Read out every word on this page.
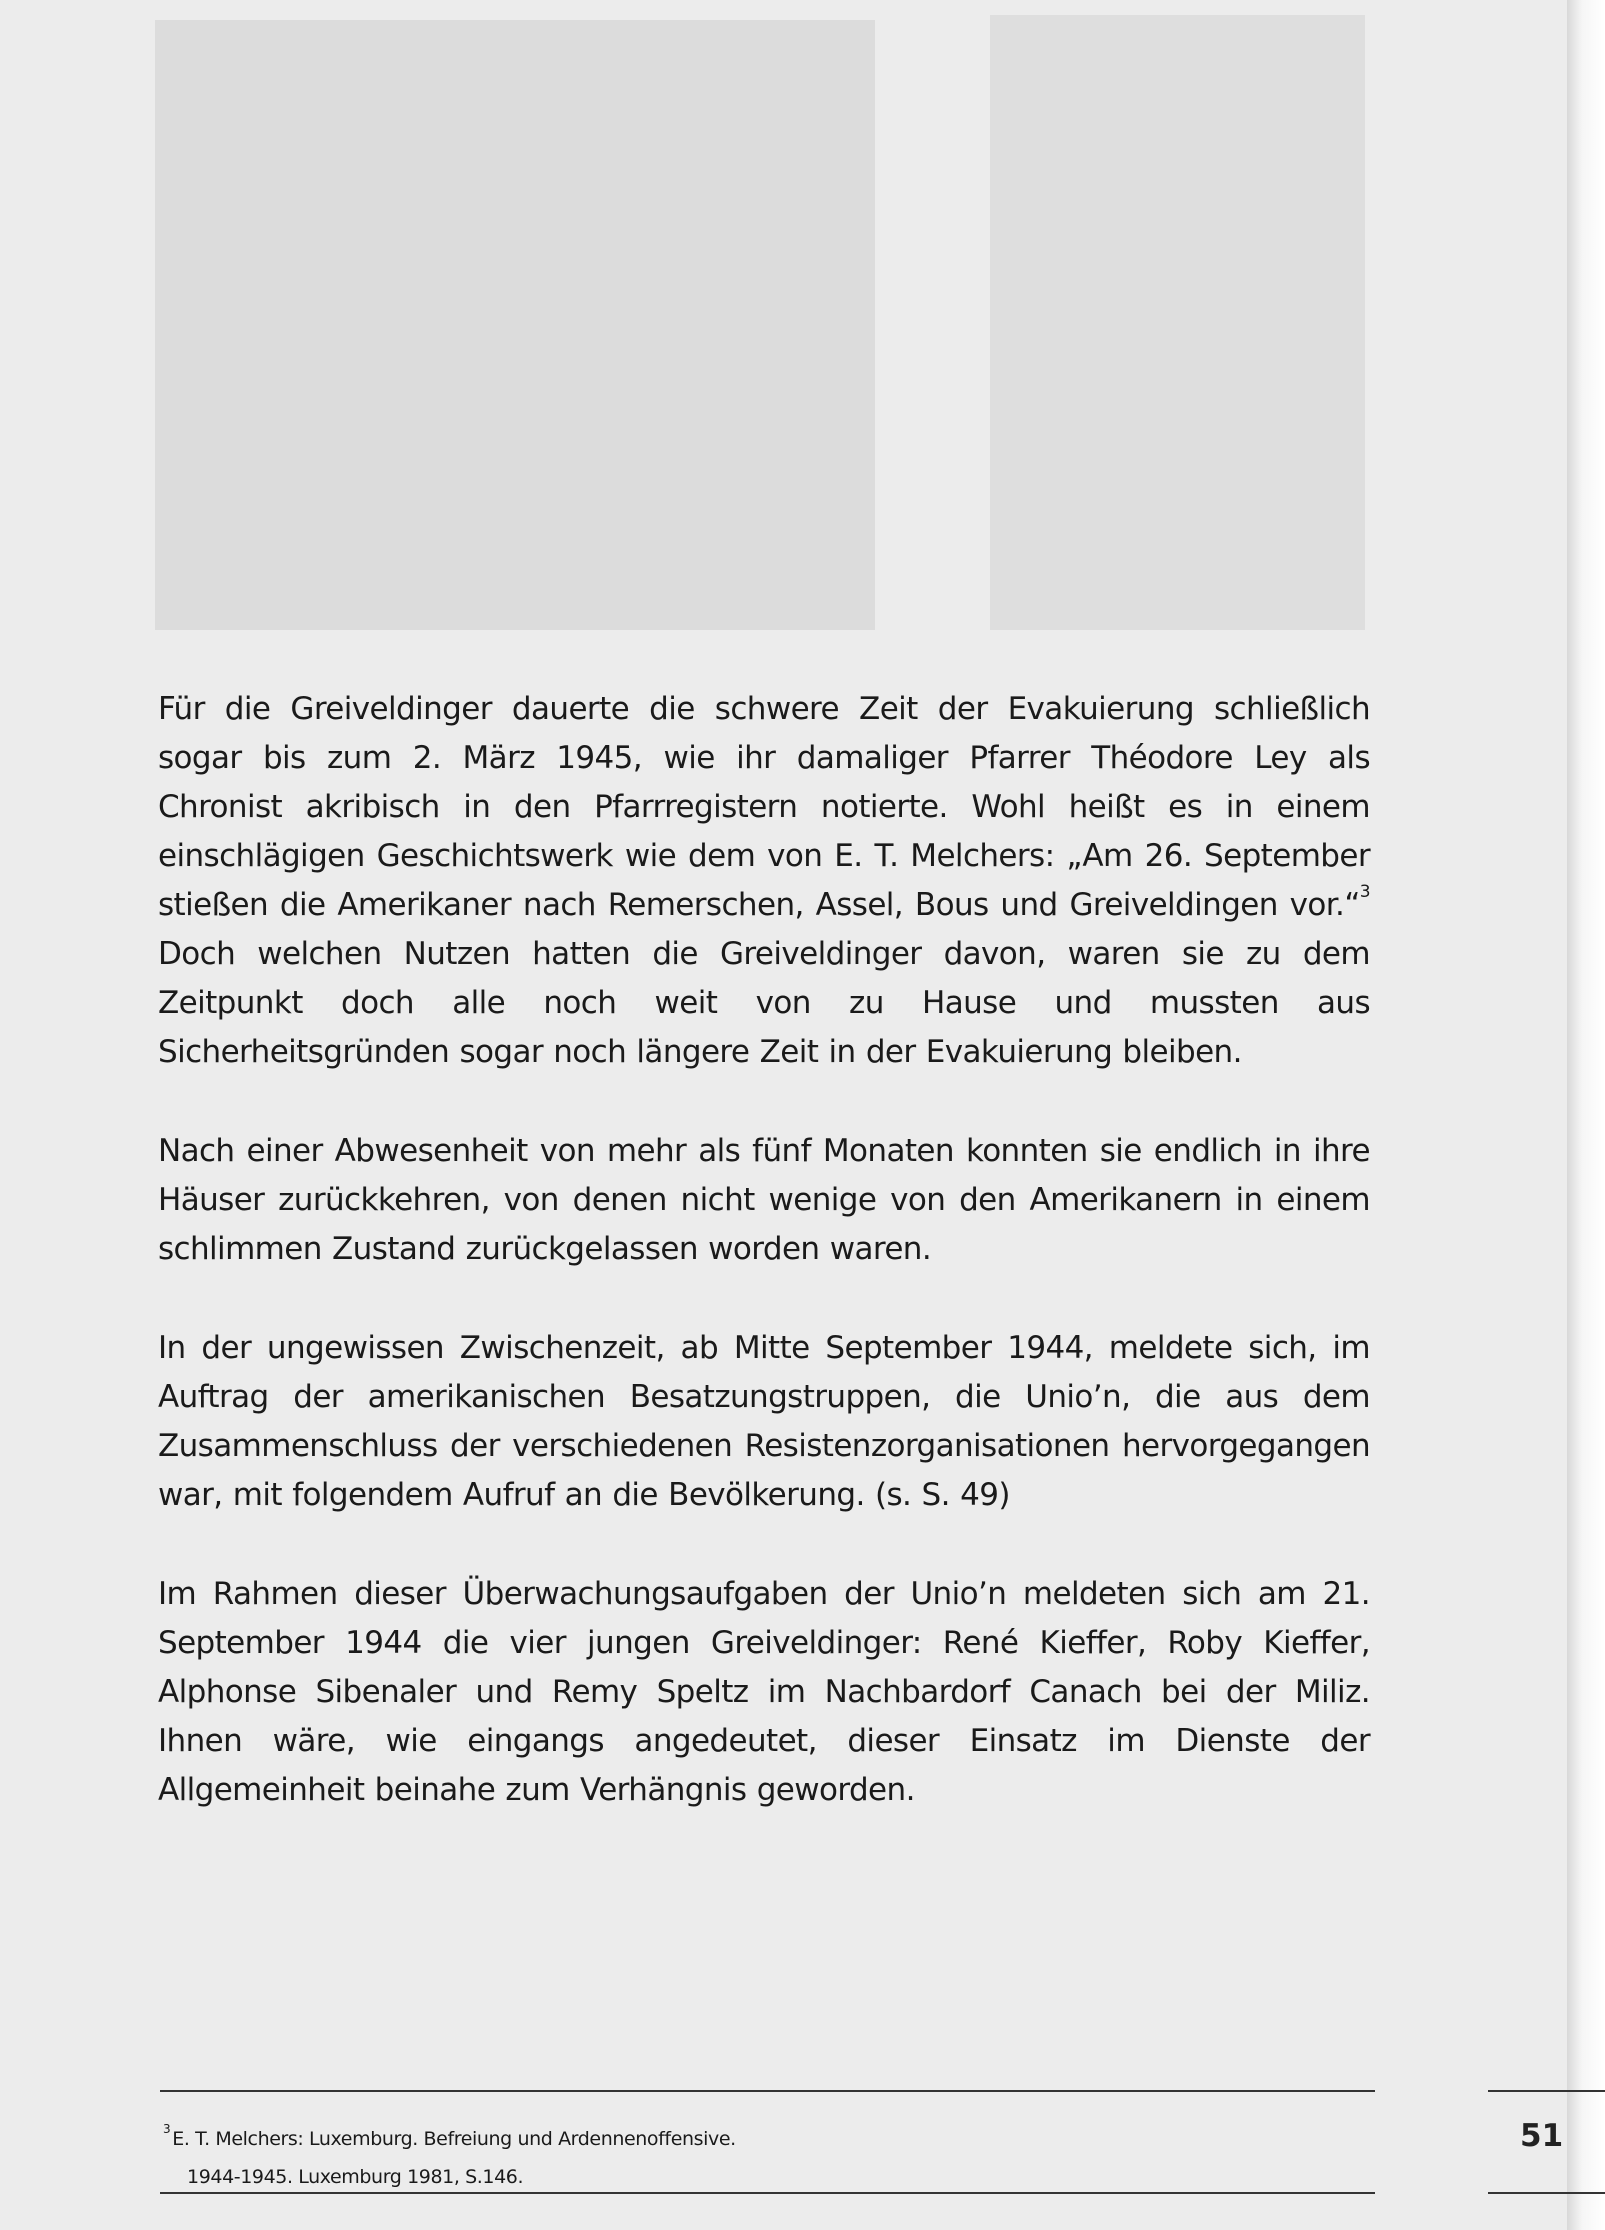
Für die Greiveldinger dauerte die schwere Zeit der Evakuierung schließlich sogar bis zum 2. März 1945, wie ihr damaliger Pfarrer Théodore Ley als Chronist akribisch in den Pfarrregistern notierte. Wohl heißt es in einem einschlägigen Geschichtswerk wie dem von E. T. Melchers: „Am 26. September stießen die Amerikaner nach Remerschen, Assel, Bous und Greiveldingen vor.“$^3$ Doch welchen Nutzen hatten die Greiveldinger davon, waren sie zu dem Zeitpunkt doch alle noch weit von zu Hause und mussten aus Sicherheitsgründen sogar noch längere Zeit in der Evakuierung bleiben.

Nach einer Abwesenheit von mehr als fünf Monaten konnten sie endlich in ihre Häuser zurückkehren, von denen nicht wenige von den Amerikanern in einem schlimmen Zustand zurückgelassen worden waren.

In der ungewissen Zwischenzeit, ab Mitte September 1944, meldete sich, im Auftrag der amerikanischen Besatzungstruppen, die Unio’n, die aus dem Zusammenschluss der verschiedenen Resistenzorganisationen hervorgegangen war, mit folgendem Aufruf an die Bevölkerung. (s. S. 49)

Im Rahmen dieser Überwachungsaufgaben der Unio’n meldeten sich am 21. September 1944 die vier jungen Greiveldinger: René Kieffer, Roby Kieffer, Alphonse Sibenaler und Remy Speltz im Nachbardorf Canach bei der Miliz. Ihnen wäre, wie eingangs angedeutet, dieser Einsatz im Dienste der Allgemeinheit beinahe zum Verhängnis geworden.

$^3$ E. T. Melchers: Luxemburg. Befreiung und Ardennenoffensive.
1944-1945. Luxemburg 1981, S.146.
51
